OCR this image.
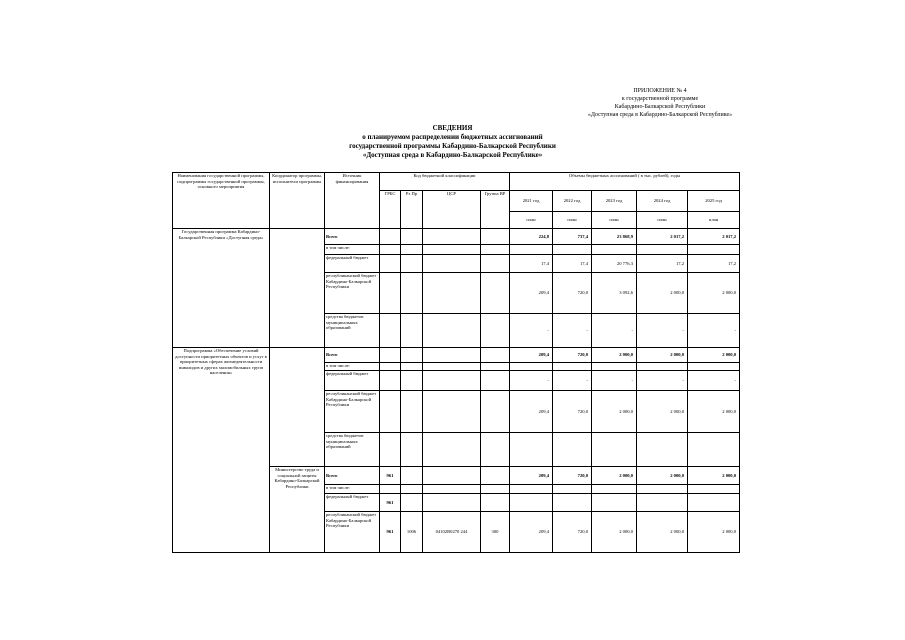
ПРИЛОЖЕНИЕ № 4
к государственной программе
Кабардино-Балкарской Республики
«Доступная среда в Кабардино-Балкарской Республике»
СВЕДЕНИЯ
о планируемом распределении бюджетных ассигнований
государственной программы Кабардино-Балкарской Республики
«Доступная среда в Кабардино-Балкарской Республике»
Наименования государственной программы, подпрограммы государственной программы, основного мероприятия	Координатор программы, исполнители программы	Источник финансирования	Код бюджетной классификации				Объемы бюджетных ассигнований ( в тыс. рублей), годы				
			ГРБС	Рз Пр	ЦСР	Группа ВР	2021 год	2022 год	2023 год	2024 год	2025 год
							план	план	план	план	план
Государственная программа Кабардино-Балкарской Республики «Доступная среда»		Всего					224,8	737,4	23 868,9	2 017,2	2 017,2
		в том числе:									
		федеральный бюджет					17,4	17,4	20 776,3	17,2	17,2
		республиканский бюджет Кабардино-Балкарской Республики					209,4	720,0	3 092,6	2 000,0	2 000,0
		средства бюджетов муниципальных образований					-	-	-	-	-
Подпрограмма «Обеспечение условий доступности приоритетных объектов и услуг в приоритетных сферах жизнедеятельности инвалидов и других маломобильных групп населения»		Всего					209,4	720,0	2 000,0	2 000,0	2 000,0
		в том числе:									
		федеральный бюджет					-	-	-	-	-
		республиканский бюджет Кабардино-Балкарской Республики					209,4	720,0	2 000,0	2 000,0	2 000,0
		средства бюджетов муниципальных образований									
	Министерство труда и социальной защиты Кабардино-Балкарской Республики	Всего	961				209,4	720,0	2 000,0	2 000,0	2 000,0
		в том числе:									
		федеральный бюджет	961								
		республиканский бюджет Кабардино-Балкарской Республики	961	1006	04102R0270 244	300	209,4	720,0	2 000,0	2 000,0	2 000,0
